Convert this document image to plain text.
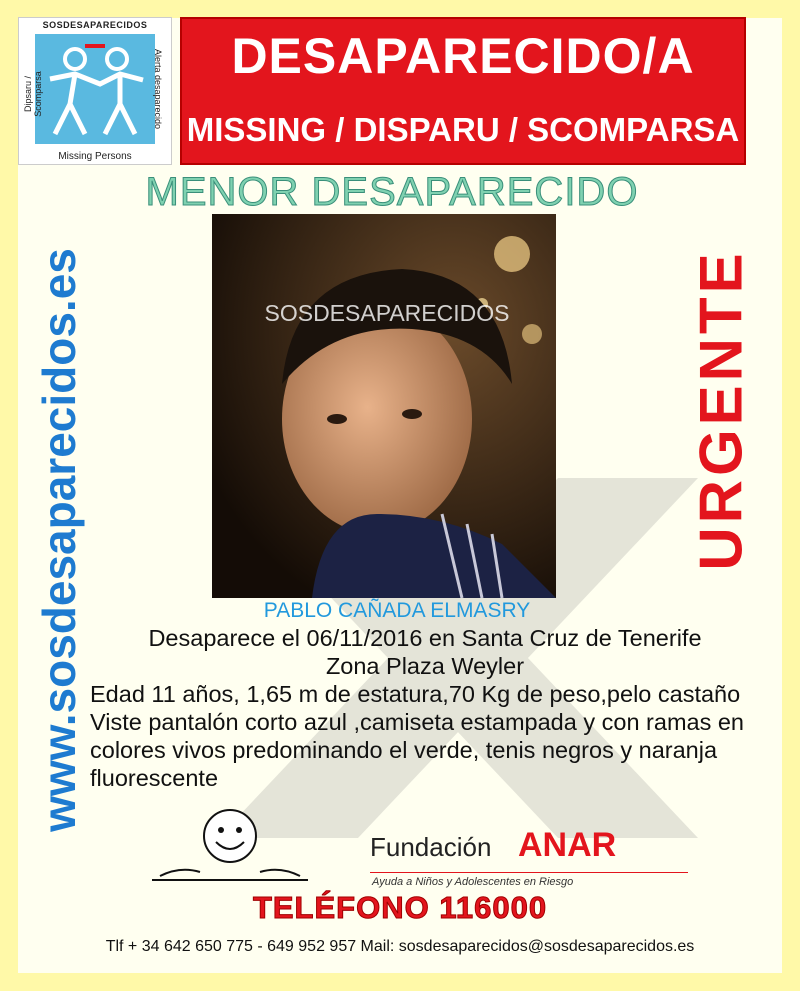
SOSDESAPARECIDOS
Dipsaru / Scomparsa	Alerta desaparecido
Missing Persons
DESAPARECIDO/A
MISSING / DISPARU / SCOMPARSA
MENOR DESAPARECIDO
SOSDESAPARECIDOS
www.sosdesaparecidos.es	URGENTE
PABLO CAÑADA ELMASRY
Desaparece el 06/11/2016 en Santa Cruz de Tenerife
Zona Plaza Weyler
Edad 11 años, 1,65 m de estatura,70 Kg de peso,pelo castaño
Viste pantalón corto azul ,camiseta estampada y con ramas en colores vivos predominando el verde, tenis negros y naranja fluorescente
Fundación ANAR
Ayuda a Niños y Adolescentes en Riesgo
TELÉFONO 116000
Tlf + 34 642 650 775 - 649 952 957 Mail: sosdesaparecidos@sosdesaparecidos.es
